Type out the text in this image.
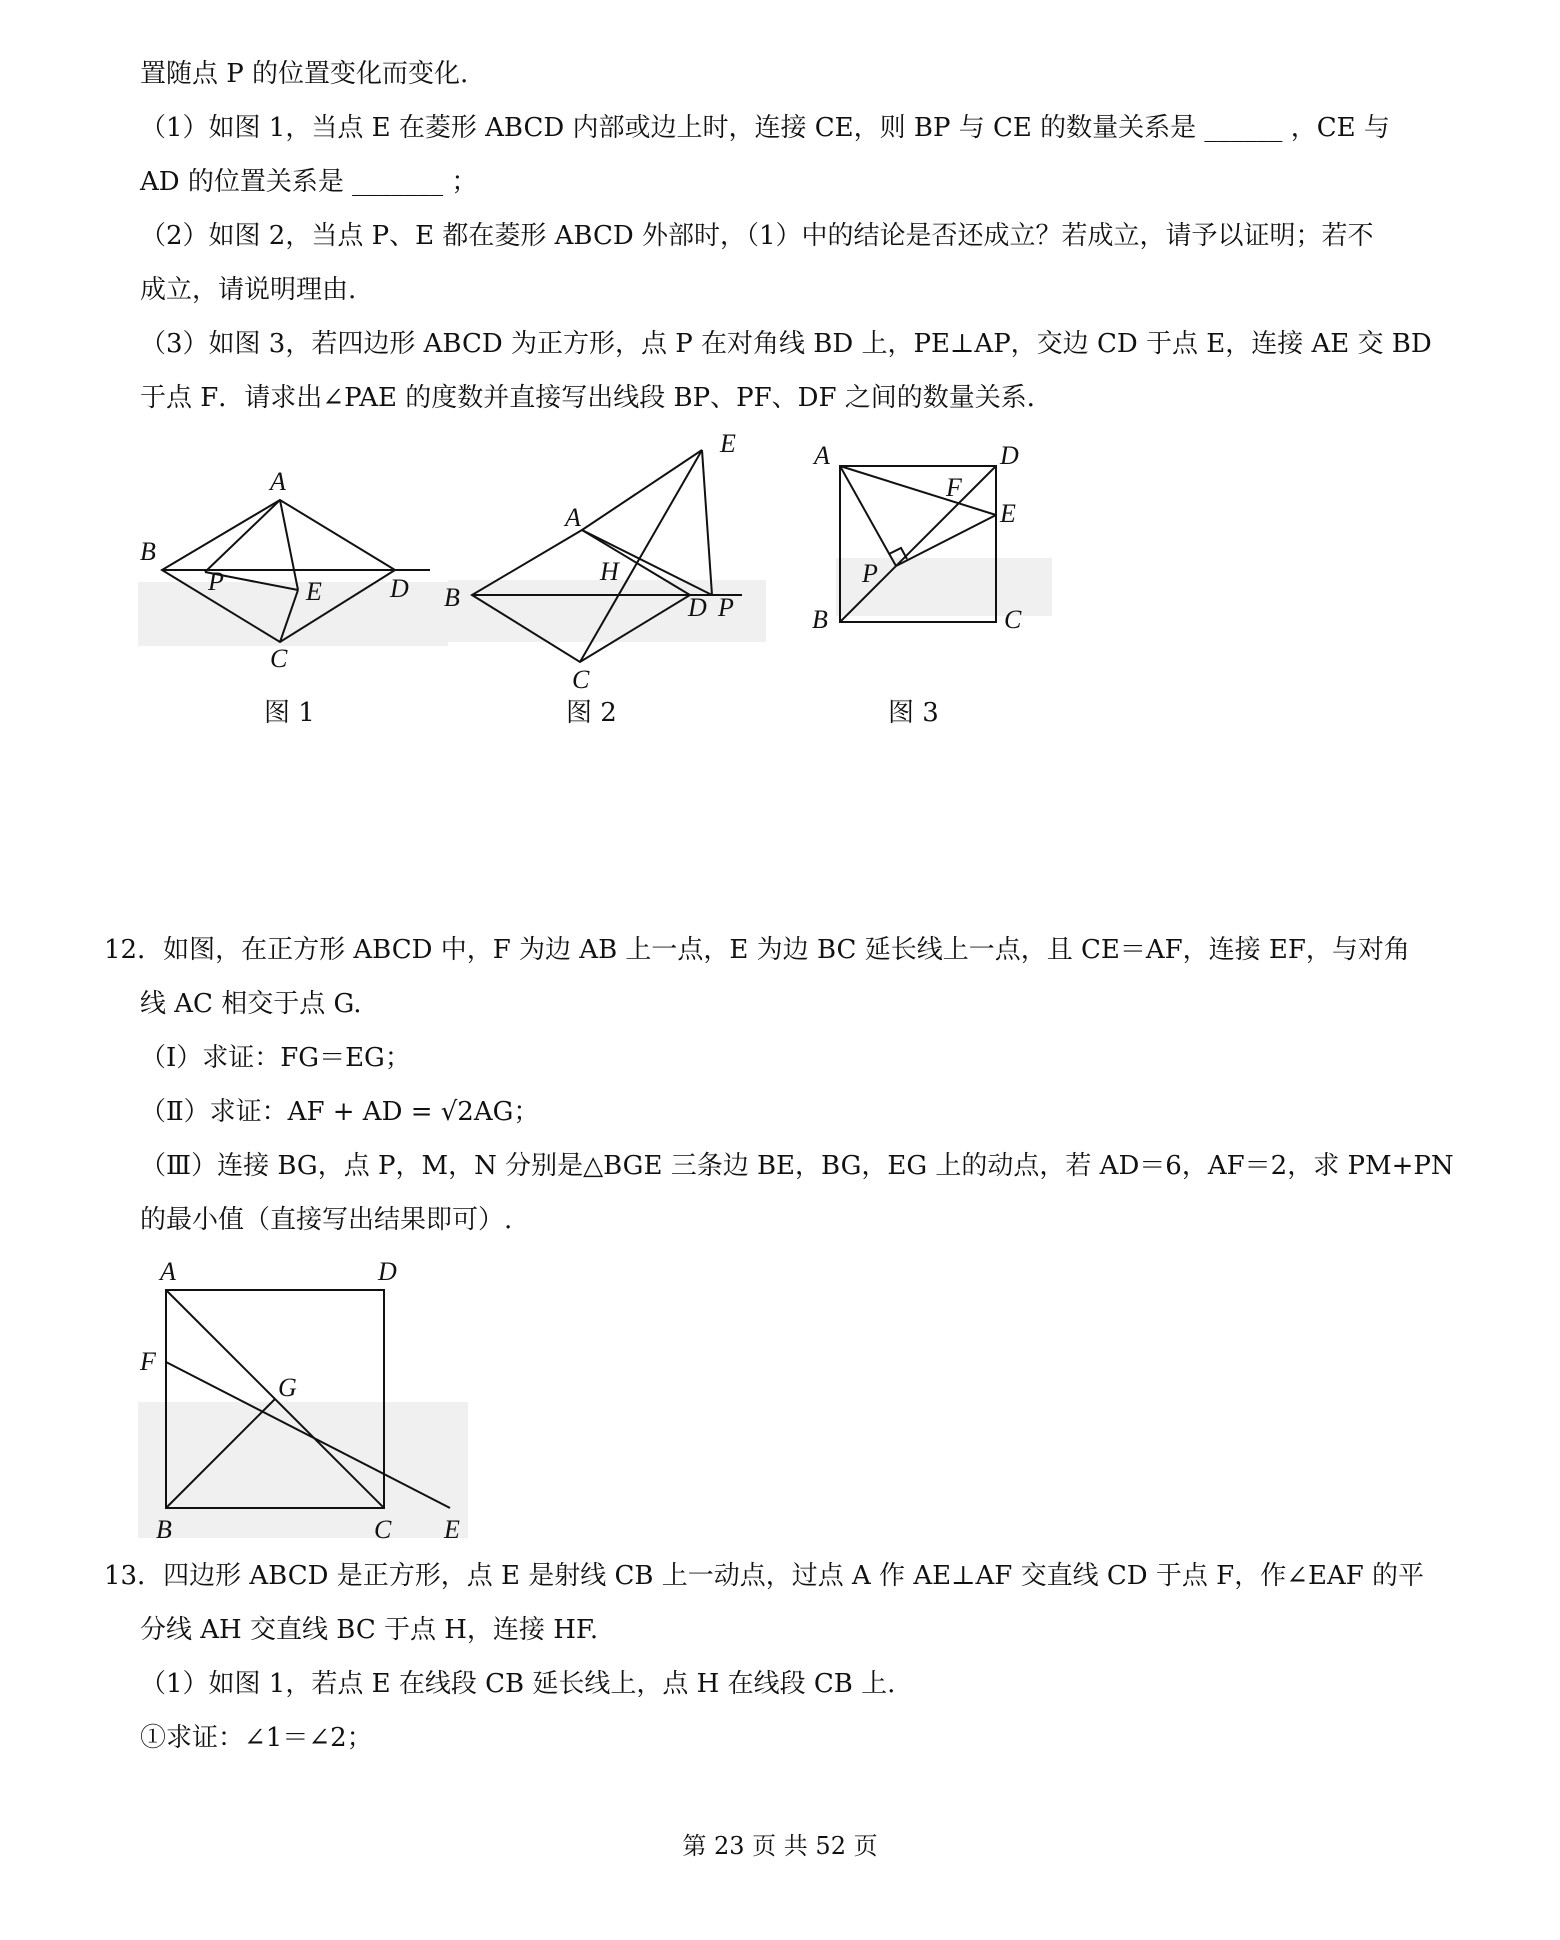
置随点 P 的位置变化而变化.
（1）如图 1，当点 E 在菱形 ABCD 内部或边上时，连接 CE，则 BP 与 CE 的数量关系是 ______ ，CE 与
AD 的位置关系是 _______ ；
（2）如图 2，当点 P、E 都在菱形 ABCD 外部时，（1）中的结论是否还成立？若成立，请予以证明；若不
成立，请说明理由.
（3）如图 3，若四边形 ABCD 为正方形，点 P 在对角线 BD 上，PE⊥AP，交边 CD 于点 E，连接 AE 交 BD
于点 F．请求出∠PAE 的度数并直接写出线段 BP、PF、DF 之间的数量关系．
A
B
C
D
P	E
图 1
A
B
C
D P
E
H
图 2
A	D
F
E
P
B	C
图 3
12．如图，在正方形 ABCD 中，F 为边 AB 上一点，E 为边 BC 延长线上一点，且 CE＝AF，连接 EF，与对角
线 AC 相交于点 G.
（I）求证：FG＝EG；
（Ⅱ）求证：AF + AD = √2AG；
（Ⅲ）连接 BG，点 P，M，N 分别是△BGE 三条边 BE，BG，EG 上的动点，若 AD＝6，AF＝2，求 PM+PN
的最小值（直接写出结果即可）.
A	D
F
G
B	C E
13．四边形 ABCD 是正方形，点 E 是射线 CB 上一动点，过点 A 作 AE⊥AF 交直线 CD 于点 F，作∠EAF 的平
分线 AH 交直线 BC 于点 H，连接 HF.
（1）如图 1，若点 E 在线段 CB 延长线上，点 H 在线段 CB 上.
①求证：∠1＝∠2；
第 23 页 共 52 页
